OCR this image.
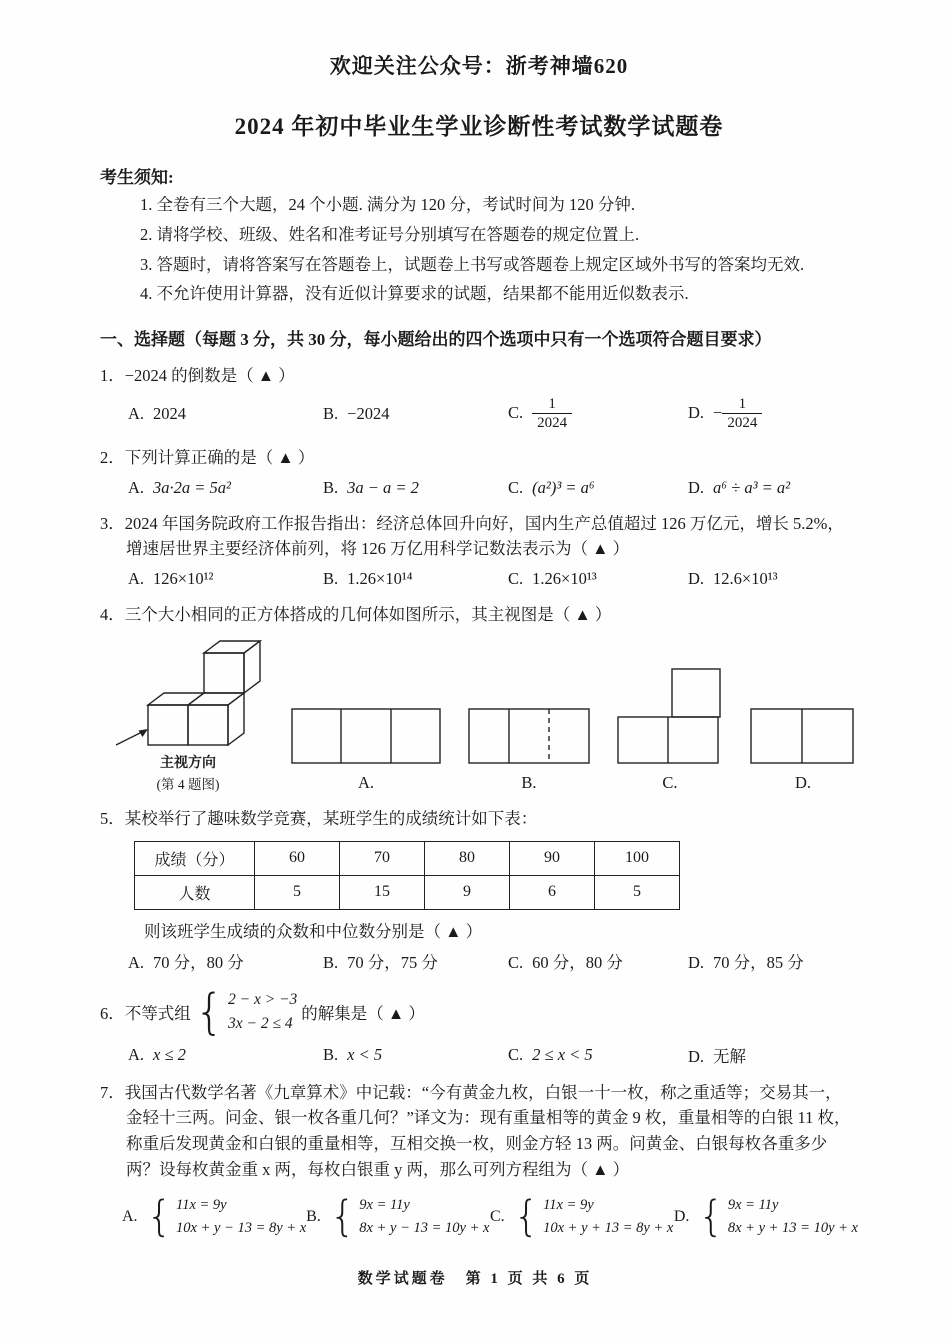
欢迎关注公众号：浙考神墙620
2024 年初中毕业生学业诊断性考试数学试题卷
考生须知:
1. 全卷有三个大题，24 个小题. 满分为 120 分，考试时间为 120 分钟.
2. 请将学校、班级、姓名和准考证号分别填写在答题卷的规定位置上.
3. 答题时，请将答案写在答题卷上，试题卷上书写或答题卷上规定区域外书写的答案均无效.
4. 不允许使用计算器，没有近似计算要求的试题，结果都不能用近似数表示.
一、选择题（每题 3 分，共 30 分，每小题给出的四个选项中只有一个选项符合题目要求）
1．−2024 的倒数是（ ▲ ）
A. 2024	B. −2024	C. $\frac{1}{2024}$	D. − $\frac{1}{2024}$
2．下列计算正确的是（ ▲ ）
A. 3a·2a = 5a²	B. 3a − a = 2	C. (a²)³ = a⁶	D. a⁶ ÷ a³ = a²
3．2024 年国务院政府工作报告指出：经济总体回升向好，国内生产总值超过 126 万亿元，增长 5.2%，增速居世界主要经济体前列，将 126 万亿用科学记数法表示为（ ▲ ）
A. 126×10¹²	B. 1.26×10¹⁴	C. 1.26×10¹³	D. 12.6×10¹³
4．三个大小相同的正方体搭成的几何体如图所示，其主视图是（ ▲ ）
主视方向
(第 4 题图)	A.	B.	C.	D.
5．某校举行了趣味数学竞赛，某班学生的成绩统计如下表：
成绩（分）	60	70	80	90	100
人数	5	15	9	6	5
则该班学生成绩的众数和中位数分别是（ ▲ ）
A. 70 分，80 分	B. 70 分，75 分	C. 60 分，80 分	D. 70 分，85 分
6．不等式组 { 2 − x > −3
3x − 2 ≤ 4
的解集是（ ▲ ）
A. x ≤ 2	B. x < 5	C. 2 ≤ x < 5	D. 无解
7．我国古代数学名著《九章算术》中记载：“今有黄金九枚，白银一十一枚，称之重适等；交易其一，金轻十三两。问金、银一枚各重几何？”译文为：现有重量相等的黄金 9 枚，重量相等的白银 11 枚，称重后发现黄金和白银的重量相等，互相交换一枚，则金方轻 13 两。问黄金、白银每枚各重多少两？设每枚黄金重 x 两，每枚白银重 y 两，那么可列方程组为（ ▲ ）
A. { 11x = 9y
10x + y − 13 = 8y + x
B. { 9x = 11y
8x + y − 13 = 10y + x
C. { 11x = 9y
10x + y + 13 = 8y + x
D. { 9x = 11y
8x + y + 13 = 10y + x
数学试题卷　第 1 页 共 6 页
